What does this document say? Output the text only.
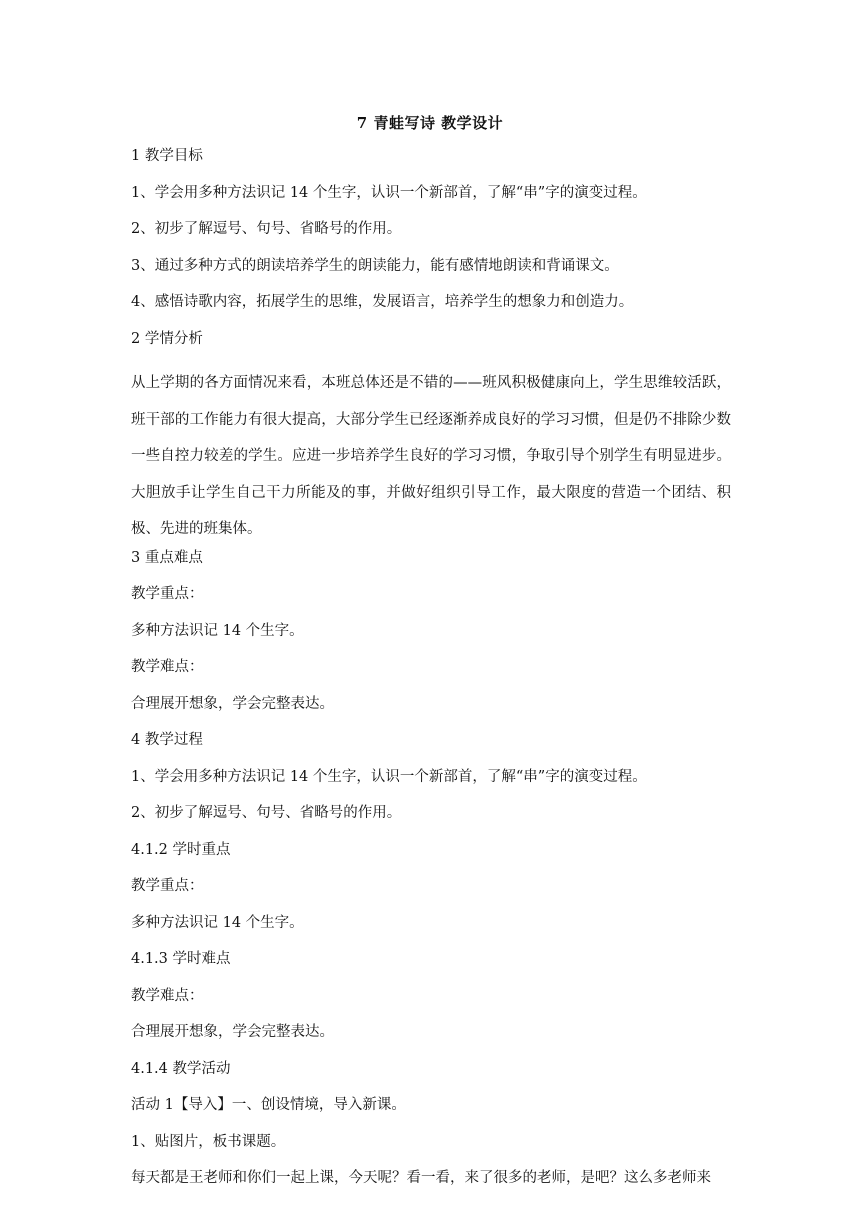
7 青蛙写诗 教学设计
1 教学目标
1、学会用多种方法识记 14 个生字，认识一个新部首，了解“串”字的演变过程。
2、初步了解逗号、句号、省略号的作用。
3、通过多种方式的朗读培养学生的朗读能力，能有感情地朗读和背诵课文。
4、感悟诗歌内容，拓展学生的思维，发展语言，培养学生的想象力和创造力。
2 学情分析

从上学期的各方面情况来看，本班总体还是不错的——班风积极健康向上，学生思维较活跃，班干部的工作能力有很大提高，大部分学生已经逐渐养成良好的学习习惯，但是仍不排除少数一些自控力较差的学生。应进一步培养学生良好的学习习惯，争取引导个别学生有明显进步。大胆放手让学生自己干力所能及的事，并做好组织引导工作，最大限度的营造一个团结、积极、先进的班集体。

3 重点难点
教学重点：
多种方法识记 14 个生字。
教学难点：
合理展开想象，学会完整表达。
4 教学过程
1、学会用多种方法识记 14 个生字，认识一个新部首，了解“串”字的演变过程。
2、初步了解逗号、句号、省略号的作用。
4.1.2 学时重点
教学重点：
多种方法识记 14 个生字。
4.1.3 学时难点
教学难点：
合理展开想象，学会完整表达。
4.1.4 教学活动
活动 1【导入】一、创设情境，导入新课。
1、贴图片，板书课题。
每天都是王老师和你们一起上课，今天呢？看一看，来了很多的老师，是吧？这么多老师来
